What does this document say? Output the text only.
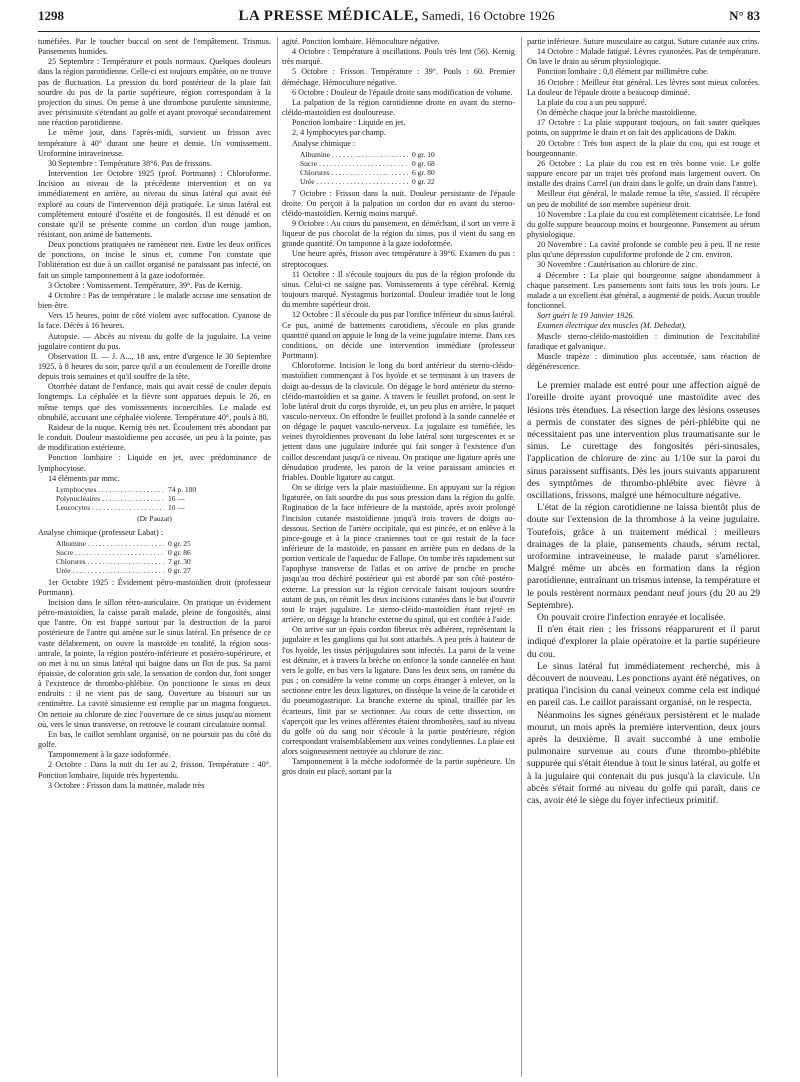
1298	LA PRESSE MÉDICALE, Samedi, 16 Octobre 1926	N° 83

tuméfiées. Par le toucher buccal on sent de l'empâtement. Trismus. Pansements humides.

25 Septembre : Température et pouls normaux. Quelques douleurs dans la région parotidienne. Celle-ci est toujours empâtée, on ne trouve pas de fluctuation. La pression du bord postérieur de la plaie fait sourdre du pus de la partie supérieure, région correspondant à la projection du sinus. On pense à une thrombose purulente sinusienne, avec périsinusite s'étendant au golfe et ayant provoqué secondairement une réaction parotidienne.

Le même jour, dans l'après-midi, survient un frisson avec température à 40° durant une heure et demie. Un vomissement. Uroformine intraveineuse.

30 Septembre : Température 38°6. Pas de frissons.

Intervention 1er Octobre 1925 (prof. Portmann) : Chloroforme. Incision au niveau de la précédente intervention et on va immédiatement en arrière, au niveau du sinus latéral qui avait été exploré au cours de l'intervention déjà pratiquée. Le sinus latéral est complètement entouré d'ostéite et de fongosités. Il est dénudé et on constate qu'il se présente comme un cordon d'un rouge jambon, résistant, non animé de battements.

Deux ponctions pratiquées ne ramènent rien. Entre les deux orifices de ponctions, on incise le sinus et, comme l'on constate que l'oblitération est due à un caillot organisé ne paraissant pas infecté, on fait un simple tamponnement à la gaze iodoformée.

3 Octobre : Vomissement. Température, 39°. Pas de Kernig.

4 Octobre : Pas de température ; le malade accuse une sensation de bien-être.

Vers 15 heures, point de côté violent avec suffocation. Cyanose de la face. Décès à 16 heures.

Autopsie. — Abcès au niveau du golfe de la jugulaire. La veine jugulaire contient du pus.

Observation II. — J. A..., 18 ans, entre d'urgence le 30 Septembre 1925, à 8 heures du soir, parce qu'il a un écoulement de l'oreille droite depuis trois semaines et qu'il souffre de la tête.

Otorrhée datant de l'enfance, mais qui avait cessé de couler depuis longtemps. La céphalée et la fièvre sont apparues depuis le 26, en même temps que des vomissements incoercibles. Le malade est obnubilé, accusant une céphalée violente. Température 40°, pouls à 80.

Raideur de la nuque. Kernig très net. Écoulement très abondant par le conduit. Douleur mastoïdienne peu accusée, un peu à la pointe, pas de modification extérieure.

Ponction lombaire : Liquide en jet, avec prédominance de lymphocytose.

14 éléments par mmc.

Lymphocytes . . .	74 p. 100
Polynucléaires . . .	16 —
Leucocytes . . .	10 —
(Dr Pauzat)

Analyse chimique (professeur Labat) :

Albumine . . .	0 gr. 25
Sucre . . .	0 gr. 86
Chlorures . . .	7 gr. 30
Urée . . .	0 gr. 27

1er Octobre 1925 : Évidement pétro-mastoïdien droit (professeur Portmann).

Incision dans le sillon rétro-auriculaire. On pratique un évidement pétro-mastoïdien, la caisse paraît malade, pleine de fongosités, ainsi que l'antre. On est frappé surtout par la destruction de la paroi postérieure de l'antre qui amène sur le sinus latéral. En présence de ce vaste délabrement, on ouvre la mastoïde en totalité, la région sous-antrale, la pointe, la région postéro-inférieure et postéro-supérieure, et on met à nu un sinus latéral qui baigne dans un flot de pus. Sa paroi épaissie, de coloration gris sale, la sensation de cordon dur, font songer à l'existence de thrombo-phlébite. On ponctionne le sinus en deux endroits : il ne vient pas de sang. Ouverture au bistouri sur un centimètre. La cavité sinusienne est remplie par un magma fongueux. On nettoie au chlorure de zinc l'ouverture de ce sinus jusqu'au moment où, vers le sinus transverse, on retrouve le courant circulatoire normal.

En bas, le caillot semblant organisé, on ne poursuit pas du côté du golfe.

Tamponnement à la gaze iodoformée.

2 Octobre : Dans la nuit du 1er au 2, frisson. Température : 40°. Ponction lombaire, liquide très hypertendu.

3 Octobre : Frisson dans la matinée, malade très

agité. Ponction lombaire. Hémoculture négative.

4 Octobre : Température à oscillations. Pouls très lent (56). Kernig très marqué.

5 Octobre : Frisson. Température : 39°. Pouls : 60. Premier déméchage. Hémoculture négative.

6 Octobre : Douleur de l'épaule droite sans modification de volume.

La palpation de la région carotidienne droite en avant du sterno-cléido-mastoïdien est douloureuse.

Ponction lombaire : Liquide en jet.

2, 4 lymphocytes par champ.

Analyse chimique :

Albumine . . .	0 gr. 10
Sucre . . .	0 gr. 68
Chlorures . . .	6 gr. 80
Urée . . .	0 gr. 22

7 Octobre : Frisson dans la nuit. Douleur persistante de l'épaule droite. On perçoit à la palpation un cordon dur en avant du sterno-cléido-mastoïdien. Kernig moins marqué.

9 Octobre : Au cours du pansement, en déméchant, il sort un verre à liqueur de pus chocolat de la région du sinus, pus il vient du sang en grande quantité. On tamponne à la gaze iodoformée.

Une heure après, frisson avec température à 39°6. Examen du pus : streptocoques.

11 Octobre : Il s'écoule toujours du pus de la région profonde du sinus. Celui-ci ne saigne pas. Vomissements à type cérébral. Kernig toujours marqué. Nystagmus horizontal. Douleur irradiée tout le long du membre supérieur droit.

12 Octobre : Il s'écoule du pus par l'orifice inférieur du sinus latéral. Ce pus, animé de battements carotidiens, s'écoule en plus grande quantité quand on appuie le long de la veine jugulaire interne. Dans ces conditions, on décide une intervention immédiate (professeur Portmann).

Chloroforme. Incision le long du bord antérieur du sterno-cléido-mastoïdien commençant à l'os hyoïde et se terminant à un travers de doigt au-dessus de la clavicule. On dégage le bord antérieur du sterno-cléido-mastoïdien et sa gaine. A travers le feuillet profond, on sent le lobe latéral droit du corps thyroïde, et, un peu plus en arrière, le paquet vasculo-nerveux. On effondre le feuillet profond à la sonde cannelée et on dégage le paquet vasculo-nerveux. La jugulaire est tuméfiée, les veines thyroïdiennes provenant du lobe latéral sont turgescentes et se jettent dans une jugulaire indurée qui fait songer à l'existence d'un caillot descendant jusqu'à ce niveau. On pratique une ligature après une dénudation prudente, les parois de la veine paraissant amincies et friables. Double ligature au catgut.

On se dirige vers la plaie mastoïdienne. En appuyant sur la région ligaturée, on fait sourdre du pus sous pression dans la région du golfe. Rugination de la face inférieure de la mastoïde, après avoir prolongé l'incision cutanée mastoïdienne jusqu'à trois travers de doigts au-dessous. Section de l'artère occipitale, qui est pincée, et on enlève à la pince-gouge et à la pince craniennes tout ce qui restait de la face inférieure de la mastoïde, en passant en arrière puis en dedans de la portion verticale de l'aqueduc de Fallope. On tombe très rapidement sur l'apophyse transverse de l'atlas et on arrive de proche en proche jusqu'au trou déchiré postérieur qui est abordé par son côté postéro-externe. La pression sur la région cervicale faisant toujours sourdre autant de pus, on réunit les deux incisions cutanées dans le but d'ouvrir tout le trajet jugulaire. Le sterno-cléido-mastoïdien étant rejeté en arrière, on dégage la branche externe du spinal, qui est confiée à l'aide.

On arrive sur un épais cordon fibreux très adhérent, représentant la jugulaire et les ganglions qui lui sont attachés. A peu près à hauteur de l'os hyoïde, les tissus périjugulaires sont infectés. La paroi de la veine est détruite, et à travers la brèche on enfonce la sonde cannelée en haut vers le golfe, en bas vers la ligature. Dans les deux sens, on ramène du pus ; on considère la veine comme un corps étranger à enlever, on la sectionne entre les deux ligatures, on dissèque la veine de la carotide et du pneumogastrique. La branche externe du spinal, tiraillée par les écarteurs, finit par se sectionner. Au cours de cette dissection, on s'aperçoit que les veines afférentes étaient thrombosées, sauf au niveau du golfe où du sang noir s'écoule à la partie postérieure, région correspondant vraisemblablement aux veines condyliennes. La plaie est alors soigneusement nettoyée au chlorure de zinc.

Tamponnement à la mèche iodoformée de la partie supérieure. Un gros drain est placé, sortant par la

partie inférieure. Suture musculaire au catgut. Suture cutanée aux crins.

14 Octobre : Malade fatigué. Lèvres cyanosées. Pas de température. On lave le drain au sérum physiologique.

Ponction lombaire : 0,8 élément par millimètre cube.

16 Octobre : Meilleur état général. Les lèvres sont mieux colorées. La douleur de l'épaule droite a beaucoup diminué.

La plaie du cou a un peu suppuré.

On démèche chaque jour la brèche mastoïdienne.

17 Octobre : La plaie suppurant toujours, on fait sauter quelques points, on supprime le drain et on fait des applications de Dakin.

20 Octobre : Très bon aspect de la plaie du cou, qui est rouge et bourgeonnante.

26 Octobre : La plaie du cou est en très bonne voie. Le golfe suppure encore par un trajet très profond mais largement ouvert. On installe des drains Carrel (un drain dans le golfe, un drain dans l'antre).

Meilleur état général, le malade remue la tête, s'assied. Il récupère un peu de mobilité de son membre supérieur droit.

10 Novembre : La plaie du cou est complètement cicatrisée. Le fond du golfe suppure beaucoup moins et bourgeonne. Pansement au sérum physiologique.

20 Novembre : La cavité profonde se comble peu à peu. Il ne reste plus qu'une dépression cupuliforme profonde de 2 cm. environ.

30 Novembre : Cautérisation au chlorure de zinc.

4 Décembre : La plaie qui bourgeonne saigne abondamment à chaque pansement. Les pansements sont faits tous les trois jours. Le malade a un excellent état général, a augmenté de poids. Aucun trouble fonctionnel.

Sort guéri le 19 Janvier 1926.

Examen électrique des muscles (M. Debedat).

Muscle sterno-cléido-mastoïdien : diminution de l'excitabilité faradique et galvanique.

Muscle trapèze : diminution plus accentuée, sans réaction de dégénérescence.

Le premier malade est entré pour une affection aiguë de l'oreille droite ayant provoqué une mastoïdite avec des lésions très étendues. La résection large des lésions osseuses a permis de constater des signes de péri-phlébite qui ne nécessitaient pas une intervention plus traumatisante sur le sinus. Le curettage des fongosités péri-sinusales, l'application de chlorure de zinc au 1/10e sur la paroi du sinus paraissent suffisants. Dès les jours suivants apparurent des symptômes de thrombo-phlébite avec fièvre à oscillations, frissons, malgré une hémoculture négative.

L'état de la région carotidienne ne laissa bientôt plus de doute sur l'extension de la thrombose à la veine jugulaire. Toutefois, grâce à un traitement médical : meilleurs drainages de la plaie, pansements chauds, sérum rectal, uroformine intraveineuse, le malade parut s'améliorer. Malgré même un abcès en formation dans la région parotidienne, entraînant un trismus intense, la température et le pouls restèrent normaux pendant neuf jours (du 20 au 29 Septembre).

On pouvait croire l'infection enrayée et localisée.

Il n'en était rien ; les frissons réapparurent et il parut indiqué d'explorer la plaie opératoire et la partie supérieure du cou.

Le sinus latéral fut immédiatement recherché, mis à découvert de nouveau. Les ponctions ayant été négatives, on pratiqua l'incision du canal veineux comme cela est indiqué en pareil cas. Le caillot paraissant organisé, on le respecta.

Néanmoins les signes généraux persistèrent et le malade mourut, un mois après la première intervention, deux jours après la deuxième. Il avait succombé à une embolie pulmonaire survenue au cours d'une thrombo-phlébite suppurée qui s'était étendue à tout le sinus latéral, au golfe et à la jugulaire qui contenait du pus jusqu'à la clavicule. Un abcès s'était formé au niveau du golfe qui paraît, dans ce cas, avoir été le siège du foyer infectieux primitif.
